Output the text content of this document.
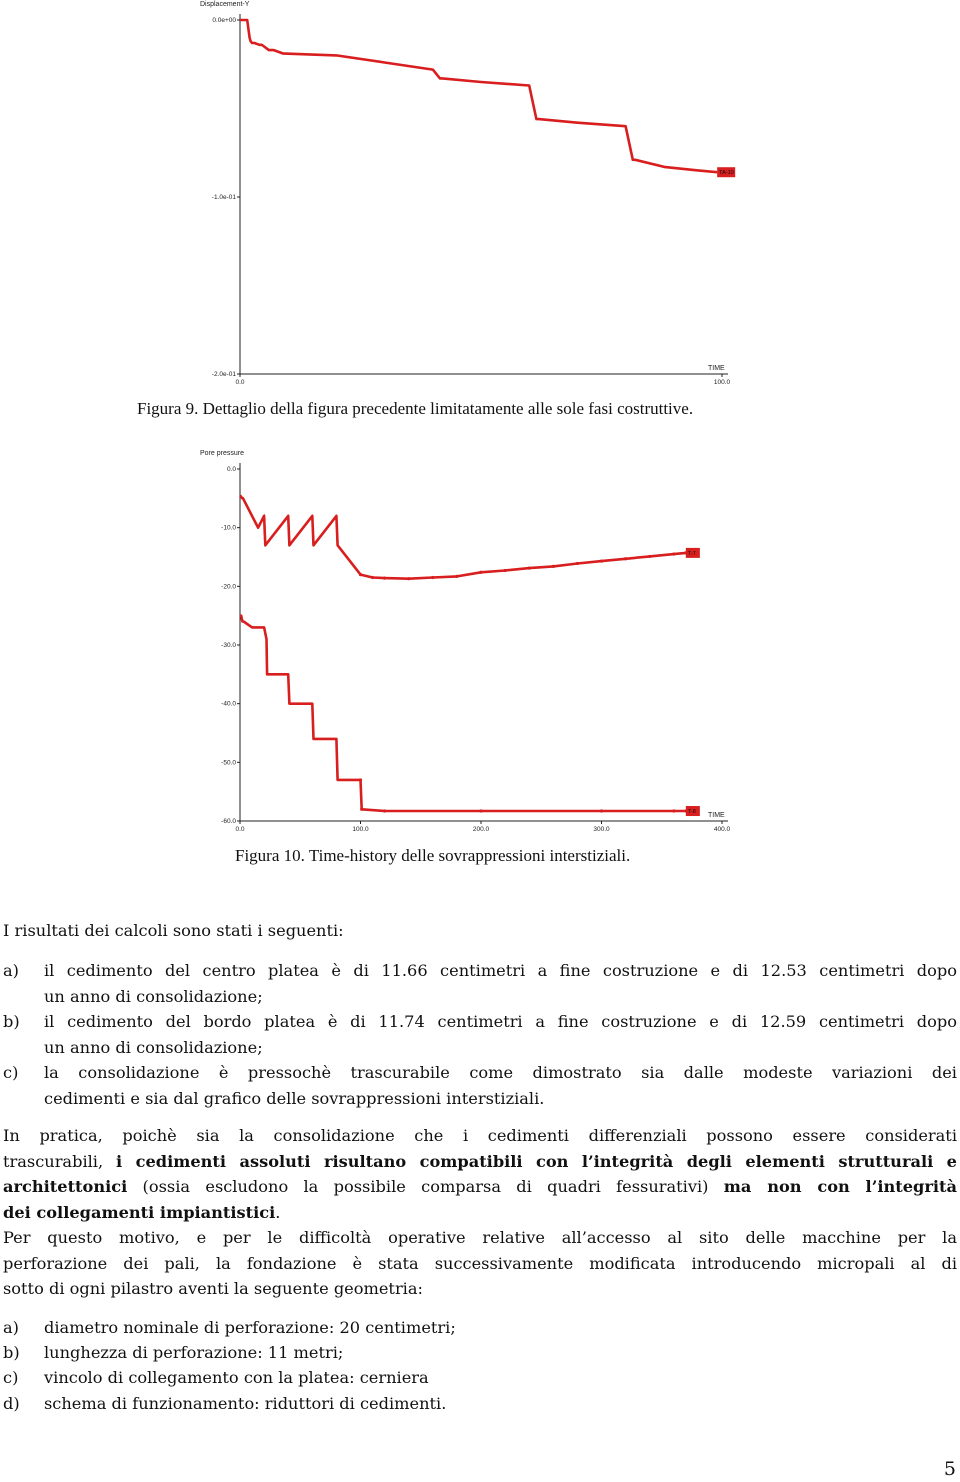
Displacement-Y
TIME
0.0e+00
-1.0e-01
-2.0e-01
0.0	100.0
TA-10
Figura 9. Dettaglio della figura precedente limitatamente alle sole fasi costruttive.
Pore pressure
TIME
0.0
-10.0
-20.0
-30.0
-40.0
-50.0
-60.0
0.0	100.0	200.0	300.0	400.0
T-7
T-8
Figura 10. Time-history delle sovrappressioni interstiziali.
I risultati dei calcoli sono stati i seguenti:
a) il cedimento del centro platea è di 11.66 centimetri a fine costruzione e di 12.53 centimetri dopo
un anno di consolidazione;
b) il cedimento del bordo platea è di 11.74 centimetri a fine costruzione e di 12.59 centimetri dopo
un anno di consolidazione;
c) la consolidazione è pressochè trascurabile come dimostrato sia dalle modeste variazioni dei
cedimenti e sia dal grafico delle sovrappressioni interstiziali.
In pratica, poichè sia la consolidazione che i cedimenti differenziali possono essere considerati
trascurabili, i cedimenti assoluti risultano compatibili con l’integrità degli elementi strutturali e
architettonici (ossia escludono la possibile comparsa di quadri fessurativi) ma non con l’integrità
dei collegamenti impiantistici.
Per questo motivo, e per le difficoltà operative relative all’accesso al sito delle macchine per la
perforazione dei pali, la fondazione è stata successivamente modificata introducendo micropali al di
sotto di ogni pilastro aventi la seguente geometria:
a) diametro nominale di perforazione: 20 centimetri;
b) lunghezza di perforazione: 11 metri;
c) vincolo di collegamento con la platea: cerniera
d) schema di funzionamento: riduttori di cedimenti.
5
